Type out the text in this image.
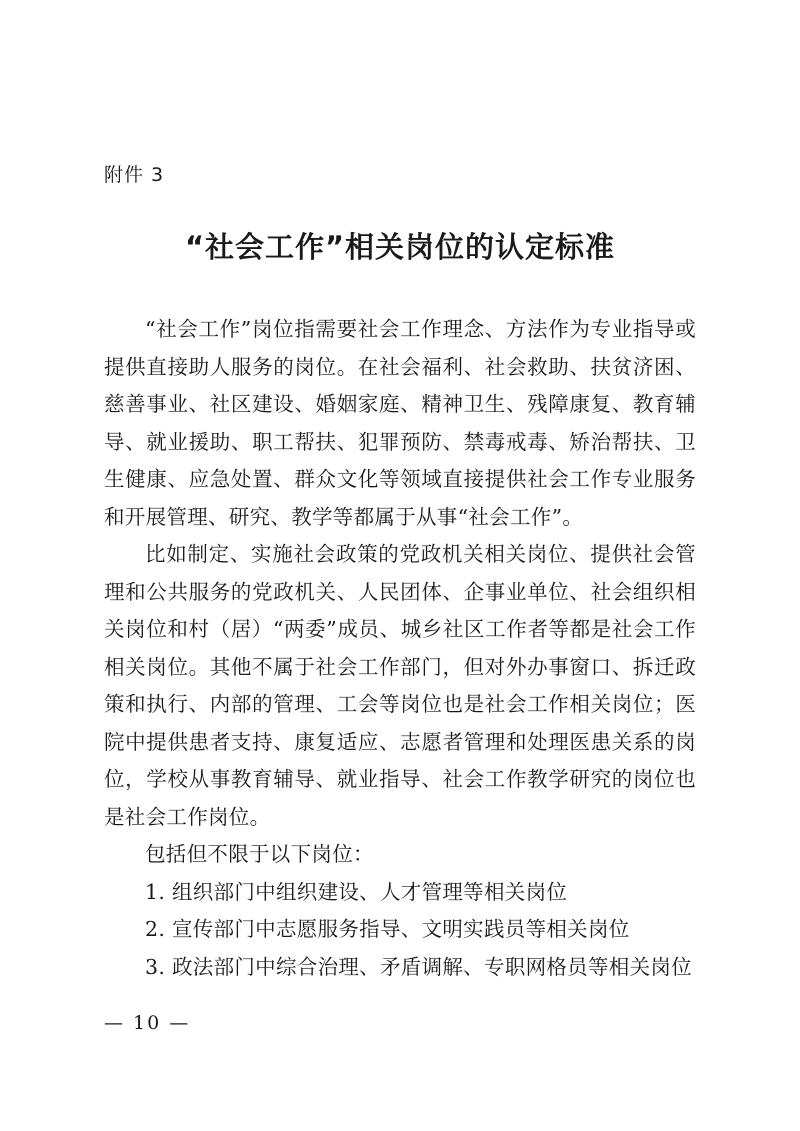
附件 3
“社会工作”相关岗位的认定标准

“社会工作”岗位指需要社会工作理念、方法作为专业指导或提供直接助人服务的岗位。在社会福利、社会救助、扶贫济困、慈善事业、社区建设、婚姻家庭、精神卫生、残障康复、教育辅导、就业援助、职工帮扶、犯罪预防、禁毒戒毒、矫治帮扶、卫生健康、应急处置、群众文化等领域直接提供社会工作专业服务和开展管理、研究、教学等都属于从事“社会工作”。

比如制定、实施社会政策的党政机关相关岗位、提供社会管理和公共服务的党政机关、人民团体、企事业单位、社会组织相关岗位和村（居）“两委”成员、城乡社区工作者等都是社会工作相关岗位。其他不属于社会工作部门，但对外办事窗口、拆迁政策和执行、内部的管理、工会等岗位也是社会工作相关岗位；医院中提供患者支持、康复适应、志愿者管理和处理医患关系的岗位，学校从事教育辅导、就业指导、社会工作教学研究的岗位也是社会工作岗位。

包括但不限于以下岗位：

1. 组织部门中组织建设、人才管理等相关岗位

2. 宣传部门中志愿服务指导、文明实践员等相关岗位

3. 政法部门中综合治理、矛盾调解、专职网格员等相关岗位

— 10 —
